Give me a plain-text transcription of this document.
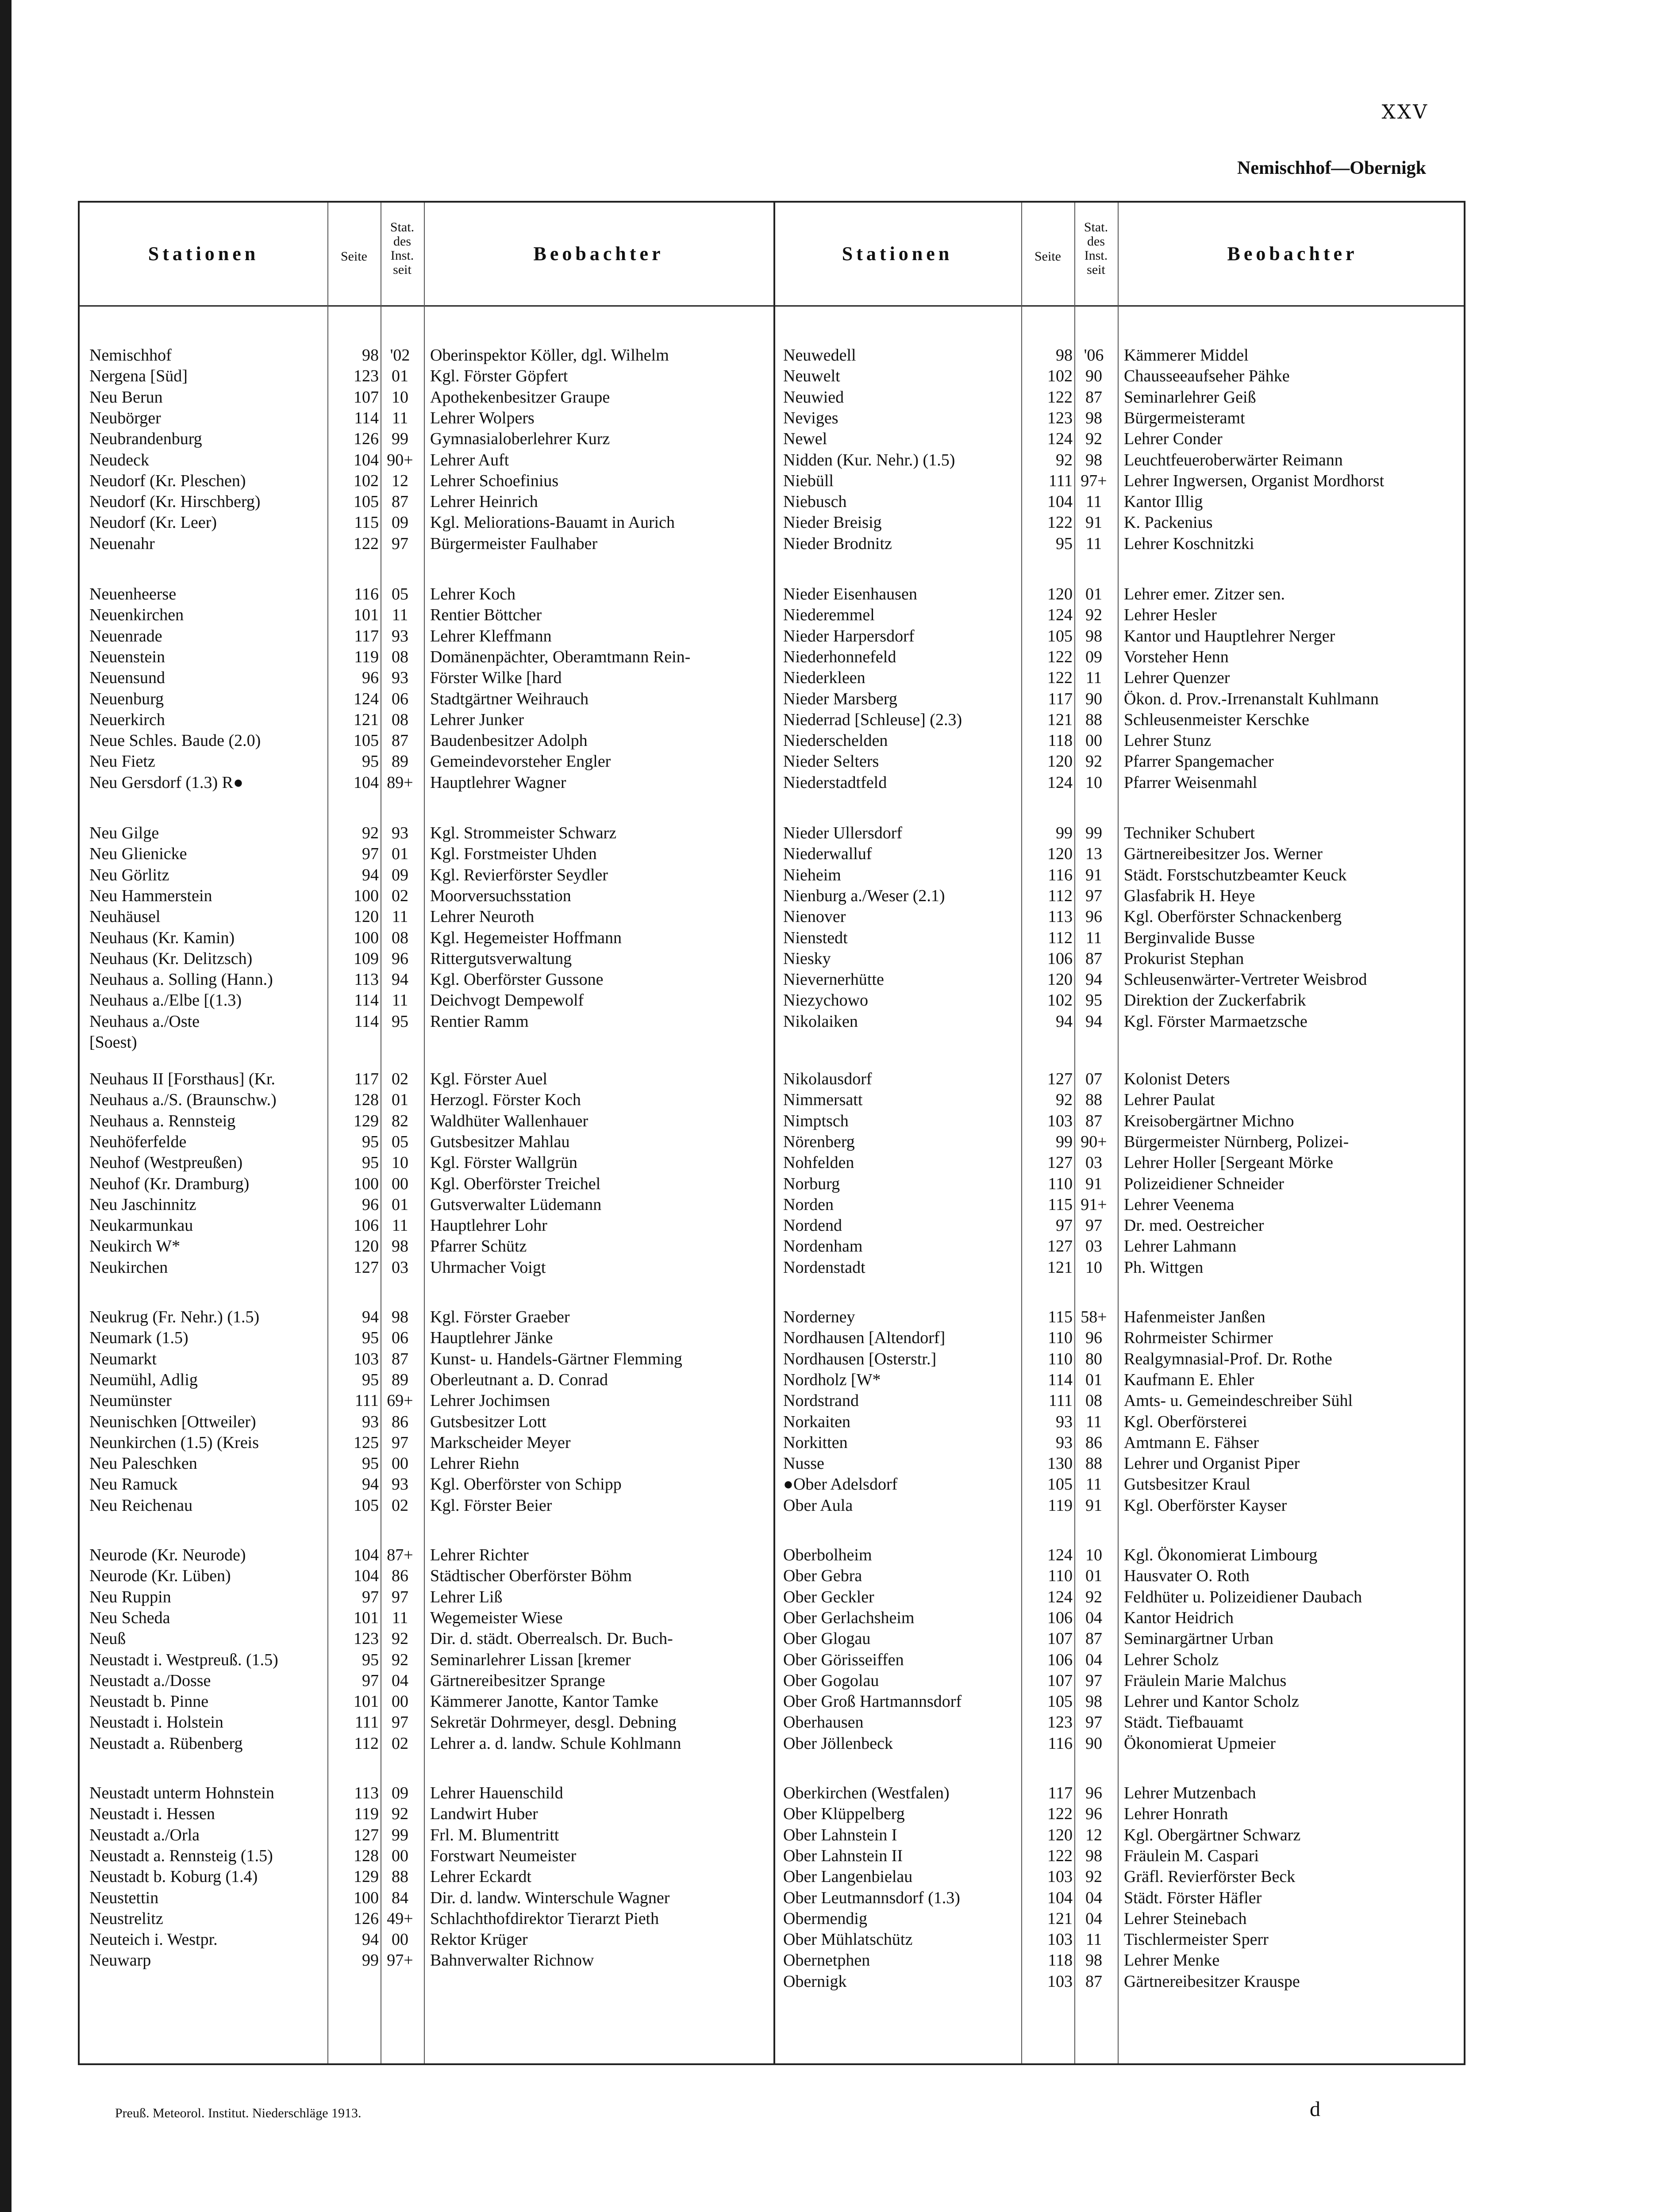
XXV
Nemischhof—Obernigk
Stationen	Seite
Stat.
des
Inst.
seit
Beobachter
Nemischhof	98 '02	Oberinspektor Köller, dgl. Wilhelm
Nergena [Süd]	123 01	Kgl. Förster Göpfert
Neu Berun	107 10	Apothekenbesitzer Graupe
Neubörger	114 11	Lehrer Wolpers
Neubrandenburg	126 99	Gymnasialoberlehrer Kurz
Neudeck	104 90+ Lehrer Auft
Neudorf (Kr. Pleschen)	102 12	Lehrer Schoefinius
Neudorf (Kr. Hirschberg)	105 87	Lehrer Heinrich
Neudorf (Kr. Leer)	115 09	Kgl. Meliorations-Bauamt in Aurich
Neuenahr	122 97	Bürgermeister Faulhaber
Neuenheerse	116 05	Lehrer Koch
Neuenkirchen	101 11	Rentier Böttcher
Neuenrade	117 93	Lehrer Kleffmann
Neuenstein	119 08	Domänenpächter, Oberamtmann Rein-
Neuensund	96 93	Förster Wilke [hard
Neuenburg	124 06	Stadtgärtner Weihrauch
Neuerkirch	121 08	Lehrer Junker
Neue Schles. Baude (2.0)	105 87	Baudenbesitzer Adolph
Neu Fietz	95 89	Gemeindevorsteher Engler
Neu Gersdorf (1.3) R●	104 89+ Hauptlehrer Wagner
Neu Gilge	92 93	Kgl. Strommeister Schwarz
Neu Glienicke	97 01	Kgl. Forstmeister Uhden
Neu Görlitz	94 09	Kgl. Revierförster Seydler
Neu Hammerstein	100 02	Moorversuchsstation
Neuhäusel	120 11	Lehrer Neuroth
Neuhaus (Kr. Kamin)	100 08	Kgl. Hegemeister Hoffmann
Neuhaus (Kr. Delitzsch)	109 96	Rittergutsverwaltung
Neuhaus a. Solling (Hann.)	113 94	Kgl. Oberförster Gussone
Neuhaus a./Elbe [(1.3)	114 11	Deichvogt Dempewolf
Neuhaus a./Oste	114 95	Rentier Ramm
[Soest)
Neuhaus II [Forsthaus] (Kr.	117 02	Kgl. Förster Auel
Neuhaus a./S. (Braunschw.)	128 01	Herzogl. Förster Koch
Neuhaus a. Rennsteig	129 82	Waldhüter Wallenhauer
Neuhöferfelde	95 05	Gutsbesitzer Mahlau
Neuhof (Westpreußen)	95 10	Kgl. Förster Wallgrün
Neuhof (Kr. Dramburg)	100 00	Kgl. Oberförster Treichel
Neu Jaschinnitz	96 01	Gutsverwalter Lüdemann
Neukarmunkau	106 11	Hauptlehrer Lohr
Neukirch W*	120 98	Pfarrer Schütz
Neukirchen	127 03	Uhrmacher Voigt
Neukrug (Fr. Nehr.) (1.5)	94 98	Kgl. Förster Graeber
Neumark (1.5)	95 06	Hauptlehrer Jänke
Neumarkt	103 87	Kunst- u. Handels-Gärtner Flemming
Neumühl, Adlig	95 89	Oberleutnant a. D. Conrad
Neumünster	111 69+ Lehrer Jochimsen
Neunischken [Ottweiler)	93 86	Gutsbesitzer Lott
Neunkirchen (1.5) (Kreis	125 97	Markscheider Meyer
Neu Paleschken	95 00	Lehrer Riehn
Neu Ramuck	94 93	Kgl. Oberförster von Schipp
Neu Reichenau	105 02	Kgl. Förster Beier
Neurode (Kr. Neurode)	104 87+ Lehrer Richter
Neurode (Kr. Lüben)	104 86	Städtischer Oberförster Böhm
Neu Ruppin	97 97	Lehrer Liß
Neu Scheda	101 11	Wegemeister Wiese
Neuß	123 92	Dir. d. städt. Oberrealsch. Dr. Buch-
Neustadt i. Westpreuß. (1.5)	95 92	Seminarlehrer Lissan [kremer
Neustadt a./Dosse	97 04	Gärtnereibesitzer Sprange
Neustadt b. Pinne	101 00	Kämmerer Janotte, Kantor Tamke
Neustadt i. Holstein	111 97	Sekretär Dohrmeyer, desgl. Debning
Neustadt a. Rübenberg	112 02	Lehrer a. d. landw. Schule Kohlmann
Neustadt unterm Hohnstein	113 09	Lehrer Hauenschild
Neustadt i. Hessen	119 92	Landwirt Huber
Neustadt a./Orla	127 99	Frl. M. Blumentritt
Neustadt a. Rennsteig (1.5)	128 00	Forstwart Neumeister
Neustadt b. Koburg (1.4)	129 88	Lehrer Eckardt
Neustettin	100 84	Dir. d. landw. Winterschule Wagner
Neustrelitz	126 49+ Schlachthofdirektor Tierarzt Pieth
Neuteich i. Westpr.	94 00	Rektor Krüger
Neuwarp	99 97+ Bahnverwalter Richnow
Stationen	Seite
Stat.
des
Inst.
seit
Beobachter
Neuwedell	98 '06	Kämmerer Middel
Neuwelt	102 90	Chausseeaufseher Pähke
Neuwied	122 87	Seminarlehrer Geiß
Neviges	123 98	Bürgermeisteramt
Newel	124 92	Lehrer Conder
Nidden (Kur. Nehr.) (1.5)	92 98	Leuchtfeueroberwärter Reimann
Niebüll	111 97+ Lehrer Ingwersen, Organist Mordhorst
Niebusch	104 11	Kantor Illig
Nieder Breisig	122 91	K. Packenius
Nieder Brodnitz	95 11	Lehrer Koschnitzki
Nieder Eisenhausen	120 01	Lehrer emer. Zitzer sen.
Niederemmel	124 92	Lehrer Hesler
Nieder Harpersdorf	105 98	Kantor und Hauptlehrer Nerger
Niederhonnefeld	122 09	Vorsteher Henn
Niederkleen	122 11	Lehrer Quenzer
Nieder Marsberg	117 90	Ökon. d. Prov.-Irrenanstalt Kuhlmann
Niederrad [Schleuse] (2.3)	121 88	Schleusenmeister Kerschke
Niederschelden	118 00	Lehrer Stunz
Nieder Selters	120 92	Pfarrer Spangemacher
Niederstadtfeld	124 10	Pfarrer Weisenmahl
Nieder Ullersdorf	99 99	Techniker Schubert
Niederwalluf	120 13	Gärtnereibesitzer Jos. Werner
Nieheim	116 91	Städt. Forstschutzbeamter Keuck
Nienburg a./Weser (2.1)	112 97	Glasfabrik H. Heye
Nienover	113 96	Kgl. Oberförster Schnackenberg
Nienstedt	112 11	Berginvalide Busse
Niesky	106 87	Prokurist Stephan
Nievernerhütte	120 94	Schleusenwärter-Vertreter Weisbrod
Niezychowo	102 95	Direktion der Zuckerfabrik
Nikolaiken	94 94	Kgl. Förster Marmaetzsche
Nikolausdorf	127 07	Kolonist Deters
Nimmersatt	92 88	Lehrer Paulat
Nimptsch	103 87	Kreisobergärtner Michno
Nörenberg	99 90+ Bürgermeister Nürnberg, Polizei-
Nohfelden	127 03	Lehrer Holler [Sergeant Mörke
Norburg	110 91	Polizeidiener Schneider
Norden	115 91+ Lehrer Veenema
Nordend	97 97	Dr. med. Oestreicher
Nordenham	127 03	Lehrer Lahmann
Nordenstadt	121 10	Ph. Wittgen
Norderney	115 58+ Hafenmeister Janßen
Nordhausen [Altendorf]	110 96	Rohrmeister Schirmer
Nordhausen [Osterstr.]	110 80	Realgymnasial-Prof. Dr. Rothe
Nordholz [W*	114 01	Kaufmann E. Ehler
Nordstrand	111 08	Amts- u. Gemeindeschreiber Sühl
Norkaiten	93 11	Kgl. Oberförsterei
Norkitten	93 86	Amtmann E. Fähser
Nusse	130 88	Lehrer und Organist Piper
●Ober Adelsdorf	105 11	Gutsbesitzer Kraul
Ober Aula	119 91	Kgl. Oberförster Kayser
Oberbolheim	124 10	Kgl. Ökonomierat Limbourg
Ober Gebra	110 01	Hausvater O. Roth
Ober Geckler	124 92	Feldhüter u. Polizeidiener Daubach
Ober Gerlachsheim	106 04	Kantor Heidrich
Ober Glogau	107 87	Seminargärtner Urban
Ober Görisseiffen	106 04	Lehrer Scholz
Ober Gogolau	107 97	Fräulein Marie Malchus
Ober Groß Hartmannsdorf	105 98	Lehrer und Kantor Scholz
Oberhausen	123 97	Städt. Tiefbauamt
Ober Jöllenbeck	116 90	Ökonomierat Upmeier
Oberkirchen (Westfalen)	117 96	Lehrer Mutzenbach
Ober Klüppelberg	122 96	Lehrer Honrath
Ober Lahnstein I	120 12	Kgl. Obergärtner Schwarz
Ober Lahnstein II	122 98	Fräulein M. Caspari
Ober Langenbielau	103 92	Gräfl. Revierförster Beck
Ober Leutmannsdorf (1.3)	104 04	Städt. Förster Häfler
Obermendig	121 04	Lehrer Steinebach
Ober Mühlatschütz	103 11	Tischlermeister Sperr
Obernetphen	118 98	Lehrer Menke
Obernigk	103 87	Gärtnereibesitzer Krauspe
Preuß. Meteorol. Institut. Niederschläge 1913.	d
